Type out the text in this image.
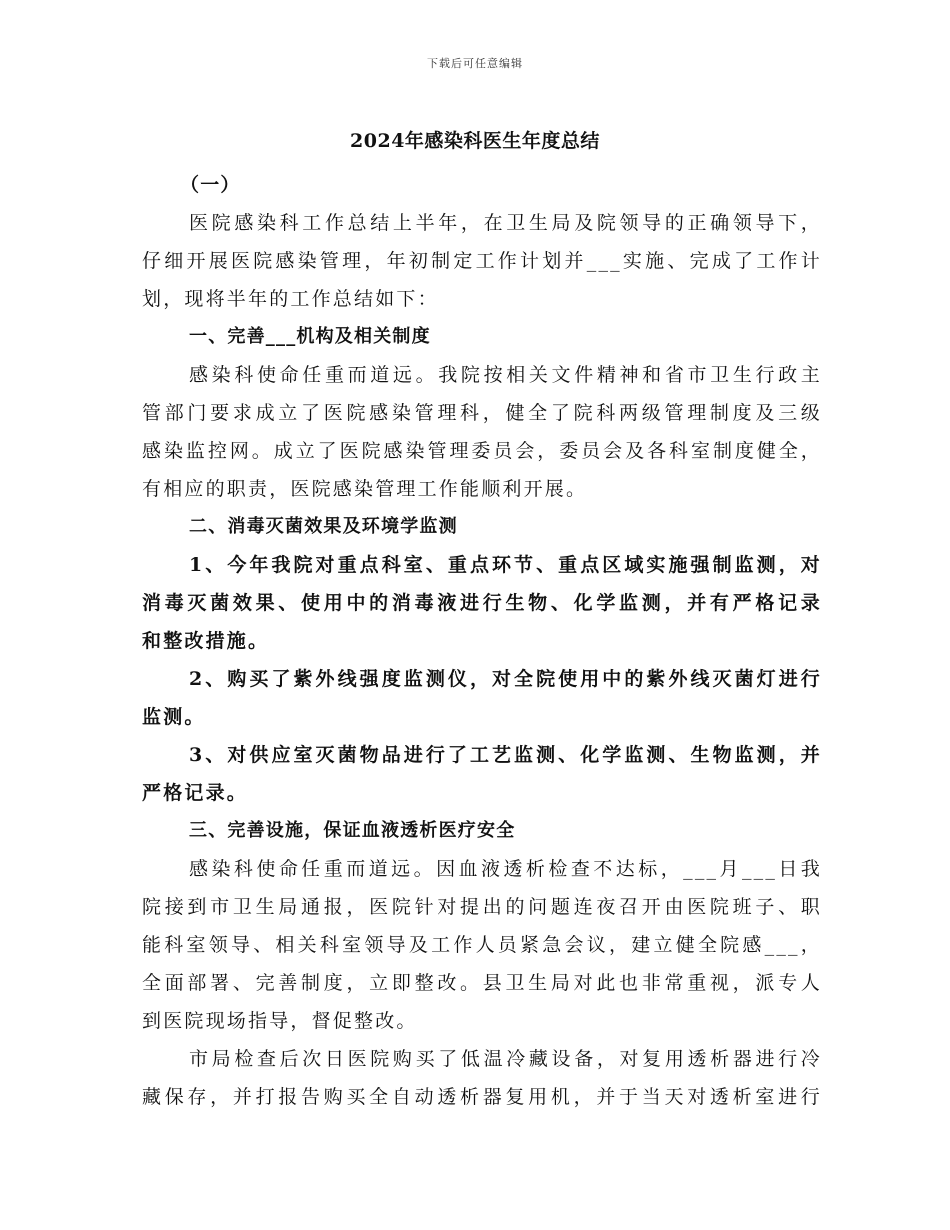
下载后可任意编辑
2024年感染科医生年度总结

（一）

医院感染科工作总结上半年，在卫生局及院领导的正确领导下，

仔细开展医院感染管理，年初制定工作计划并___实施、完成了工作计

划，现将半年的工作总结如下：

一、完善___机构及相关制度

感染科使命任重而道远。我院按相关文件精神和省市卫生行政主

管部门要求成立了医院感染管理科，健全了院科两级管理制度及三级

感染监控网。成立了医院感染管理委员会，委员会及各科室制度健全，

有相应的职责，医院感染管理工作能顺利开展。

二、消毒灭菌效果及环境学监测

1、今年我院对重点科室、重点环节、重点区域实施强制监测，对

消毒灭菌效果、使用中的消毒液进行生物、化学监测，并有严格记录

和整改措施。

2、购买了紫外线强度监测仪，对全院使用中的紫外线灭菌灯进行

监测。

3、对供应室灭菌物品进行了工艺监测、化学监测、生物监测，并

严格记录。

三、完善设施，保证血液透析医疗安全

感染科使命任重而道远。因血液透析检查不达标，___月___日我

院接到市卫生局通报，医院针对提出的问题连夜召开由医院班子、职

能科室领导、相关科室领导及工作人员紧急会议，建立健全院感___，

全面部署、完善制度，立即整改。县卫生局对此也非常重视，派专人

到医院现场指导，督促整改。

市局检查后次日医院购买了低温冷藏设备，对复用透析器进行冷

藏保存，并打报告购买全自动透析器复用机，并于当天对透析室进行
